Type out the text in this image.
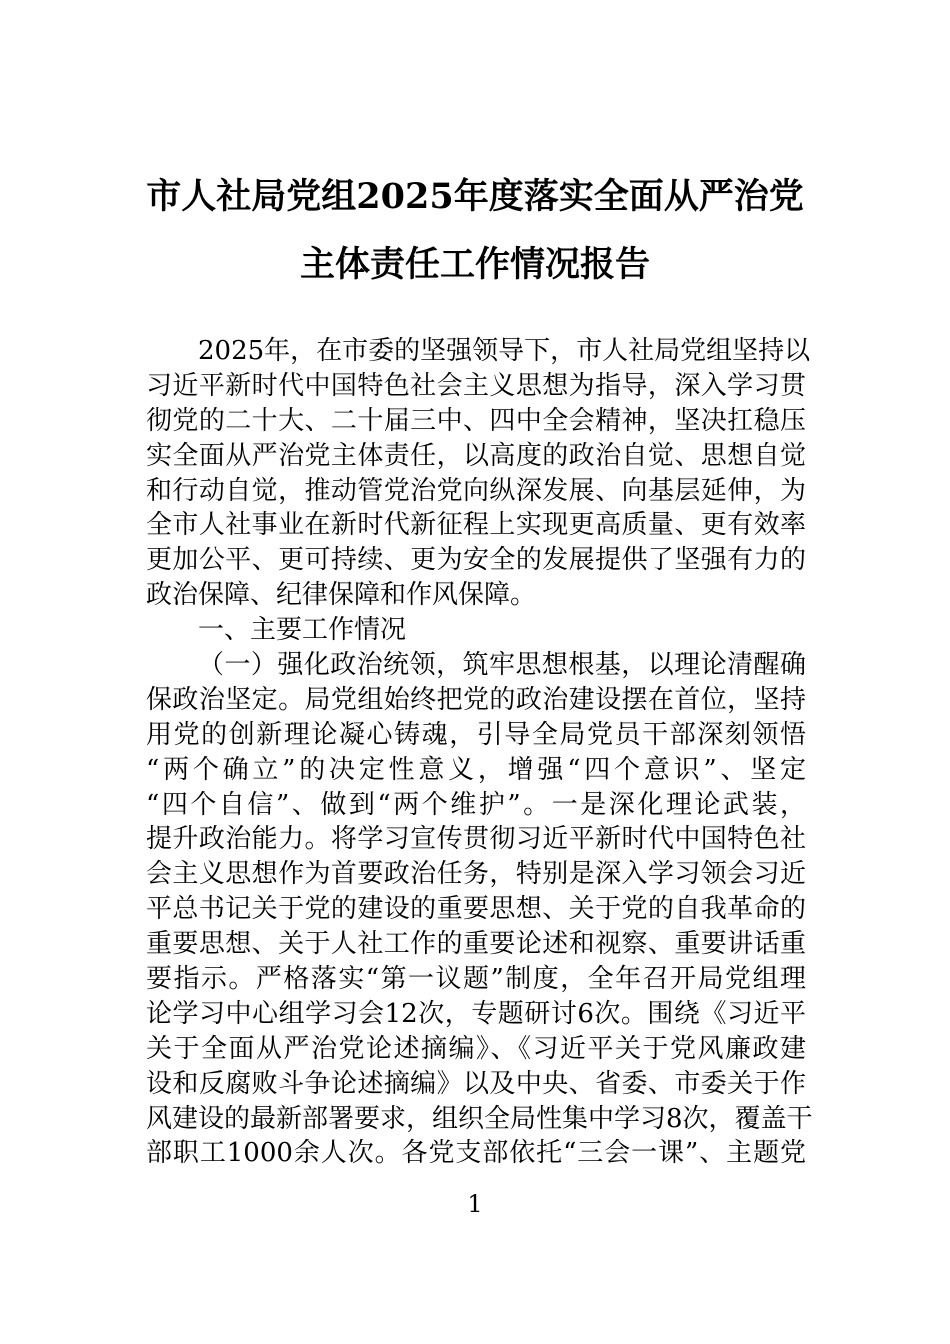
市人社局党组2025年度落实全面从严治党
主体责任工作情况报告
2025年，在市委的坚强领导下，市人社局党组坚持以
习近平新时代中国特色社会主义思想为指导，深入学习贯
彻党的二十大、二十届三中、四中全会精神，坚决扛稳压
实全面从严治党主体责任，以高度的政治自觉、思想自觉
和行动自觉，推动管党治党向纵深发展、向基层延伸，为
全市人社事业在新时代新征程上实现更高质量、更有效率
更加公平、更可持续、更为安全的发展提供了坚强有力的
政治保障、纪律保障和作风保障。
一、主要工作情况
（一）强化政治统领，筑牢思想根基，以理论清醒确
保政治坚定。局党组始终把党的政治建设摆在首位，坚持
用党的创新理论凝心铸魂，引导全局党员干部深刻领悟
“两个确立”的决定性意义，增强“四个意识”、坚定
“四个自信”、做到“两个维护”。一是深化理论武装，
提升政治能力。将学习宣传贯彻习近平新时代中国特色社
会主义思想作为首要政治任务，特别是深入学习领会习近
平总书记关于党的建设的重要思想、关于党的自我革命的
重要思想、关于人社工作的重要论述和视察、重要讲话重
要指示。严格落实“第一议题”制度，全年召开局党组理
论学习中心组学习会12次，专题研讨6次。围绕《习近平
关于全面从严治党论述摘编》、《习近平关于党风廉政建
设和反腐败斗争论述摘编》以及中央、省委、市委关于作
风建设的最新部署要求，组织全局性集中学习8次，覆盖干
部职工1000余人次。各党支部依托“三会一课”、主题党
1
